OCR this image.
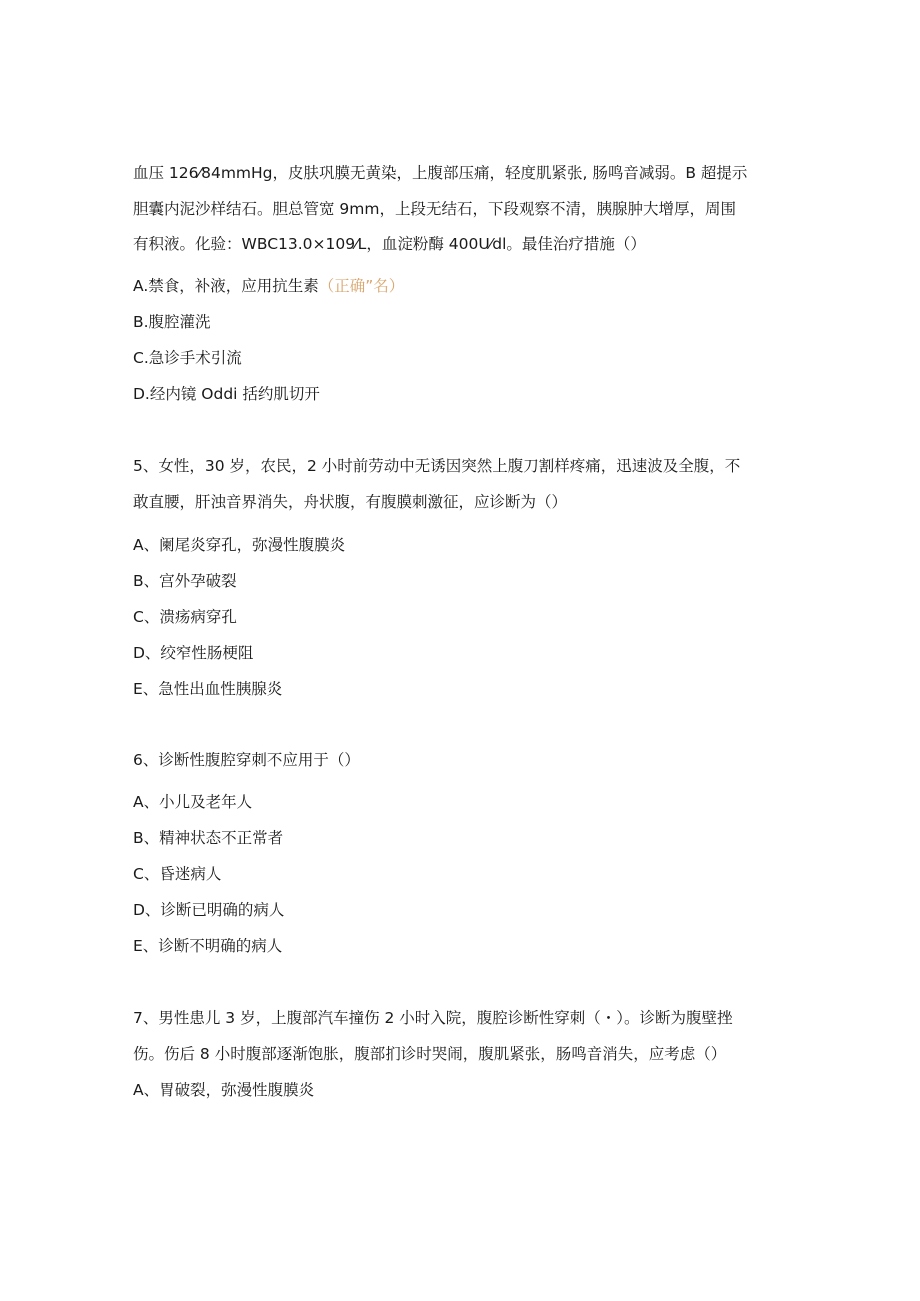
血压 126⁄84mmHg，皮肤巩膜无黄染，上腹部压痛，轻度肌紧张, 肠鸣音减弱。B 超提示
胆囊内泥沙样结石。胆总管宽 9mm，上段无结石，下段观察不清，胰腺肿大增厚，周围
有积液。化验：WBC13.0×109⁄L，血淀粉酶 400U⁄dl。最佳治疗措施（）
A.禁食，补液，应用抗生素（正确”名）
B.腹腔灌洗
C.急诊手术引流
D.经内镜 Oddi 括约肌切开
5、女性，30 岁，农民，2 小时前劳动中无诱因突然上腹刀割样疼痛，迅速波及全腹，不
敢直腰，肝浊音界消失，舟状腹，有腹膜刺激征，应诊断为（）
A、阑尾炎穿孔，弥漫性腹膜炎
B、宫外孕破裂
C、溃疡病穿孔
D、绞窄性肠梗阻
E、急性出血性胰腺炎
6、诊断性腹腔穿刺不应用于（）
A、小儿及老年人
B、精神状态不正常者
C、昏迷病人
D、诊断已明确的病人
E、诊断不明确的病人
7、男性患儿 3 岁，上腹部汽车撞伤 2 小时入院，腹腔诊断性穿刺（・）。诊断为腹壁挫
伤。伤后 8 小时腹部逐渐饱胀，腹部扪诊时哭闹，腹肌紧张，肠鸣音消失，应考虑（）
A、胃破裂，弥漫性腹膜炎
